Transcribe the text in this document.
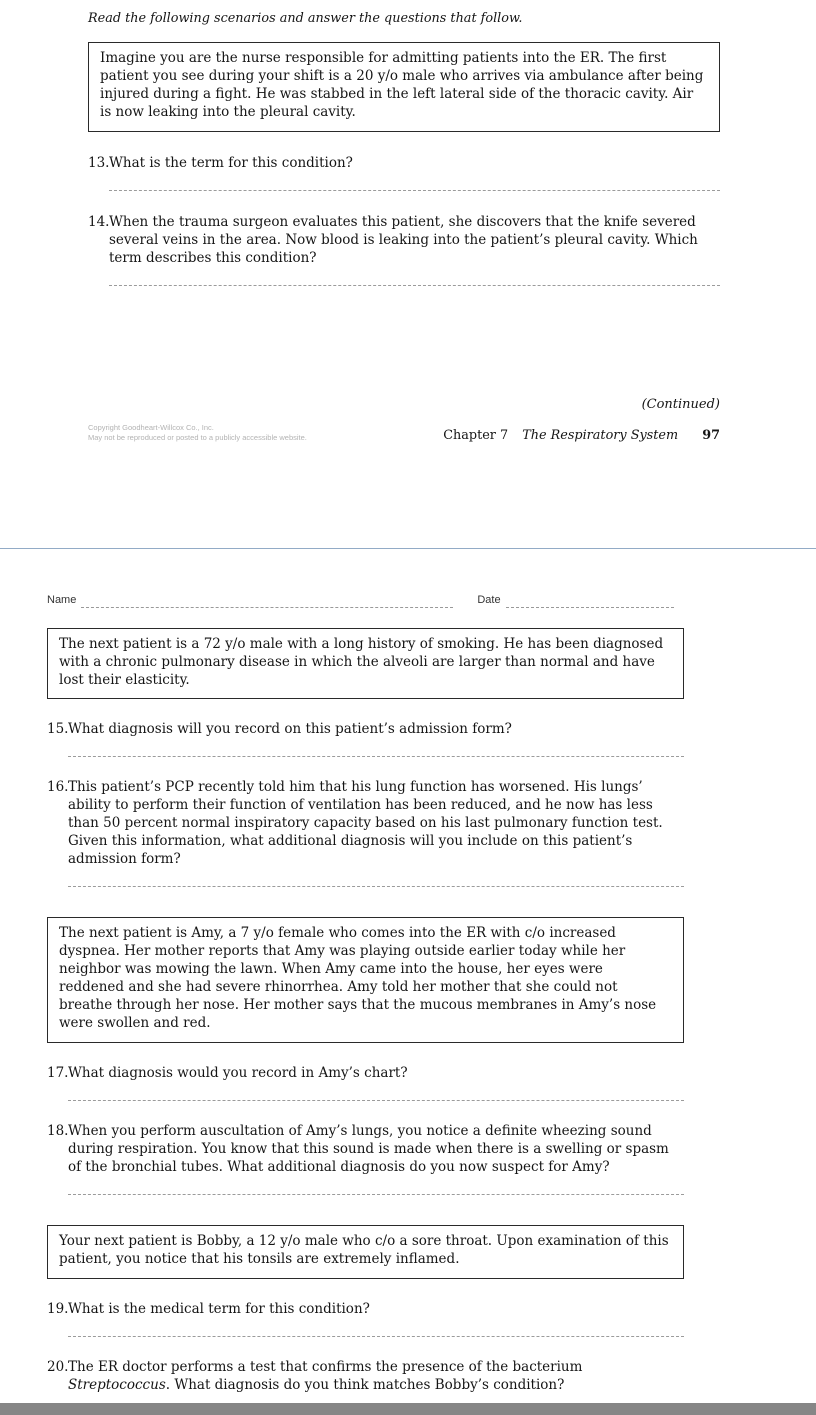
Read the following scenarios and answer the questions that follow.

Imagine you are the nurse responsible for admitting patients into the ER. The first patient you see during your shift is a 20 y/o male who arrives via ambulance after being injured during a fight. He was stabbed in the left lateral side of the thoracic cavity. Air is now leaking into the pleural cavity.
13. What is the term for this condition?
14. When the trauma surgeon evaluates this patient, she discovers that the knife severed several veins in the area. Now blood is leaking into the patient’s pleural cavity. Which term describes this condition?
(Continued)
Copyright Goodheart-Willcox Co., Inc.
May not be reproduced or posted to a publicly accessible website.	Chapter 7 The Respiratory System 97
Name	Date
The next patient is a 72 y/o male with a long history of smoking. He has been diagnosed with a chronic pulmonary disease in which the alveoli are larger than normal and have lost their elasticity.
15. What diagnosis will you record on this patient’s admission form?
16. This patient’s PCP recently told him that his lung function has worsened. His lungs’ ability to perform their function of ventilation has been reduced, and he now has less than 50 percent normal inspiratory capacity based on his last pulmonary function test. Given this information, what additional diagnosis will you include on this patient’s admission form?
The next patient is Amy, a 7 y/o female who comes into the ER with c/o increased dyspnea. Her mother reports that Amy was playing outside earlier today while her neighbor was mowing the lawn. When Amy came into the house, her eyes were reddened and she had severe rhinorrhea. Amy told her mother that she could not breathe through her nose. Her mother says that the mucous membranes in Amy’s nose were swollen and red.
17. What diagnosis would you record in Amy’s chart?
18. When you perform auscultation of Amy’s lungs, you notice a definite wheezing sound during respiration. You know that this sound is made when there is a swelling or spasm of the bronchial tubes. What additional diagnosis do you now suspect for Amy?
Your next patient is Bobby, a 12 y/o male who c/o a sore throat. Upon examination of this patient, you notice that his tonsils are extremely inflamed.
19. What is the medical term for this condition?
20. The ER doctor performs a test that confirms the presence of the bacterium Streptococcus. What diagnosis do you think matches Bobby’s condition?
